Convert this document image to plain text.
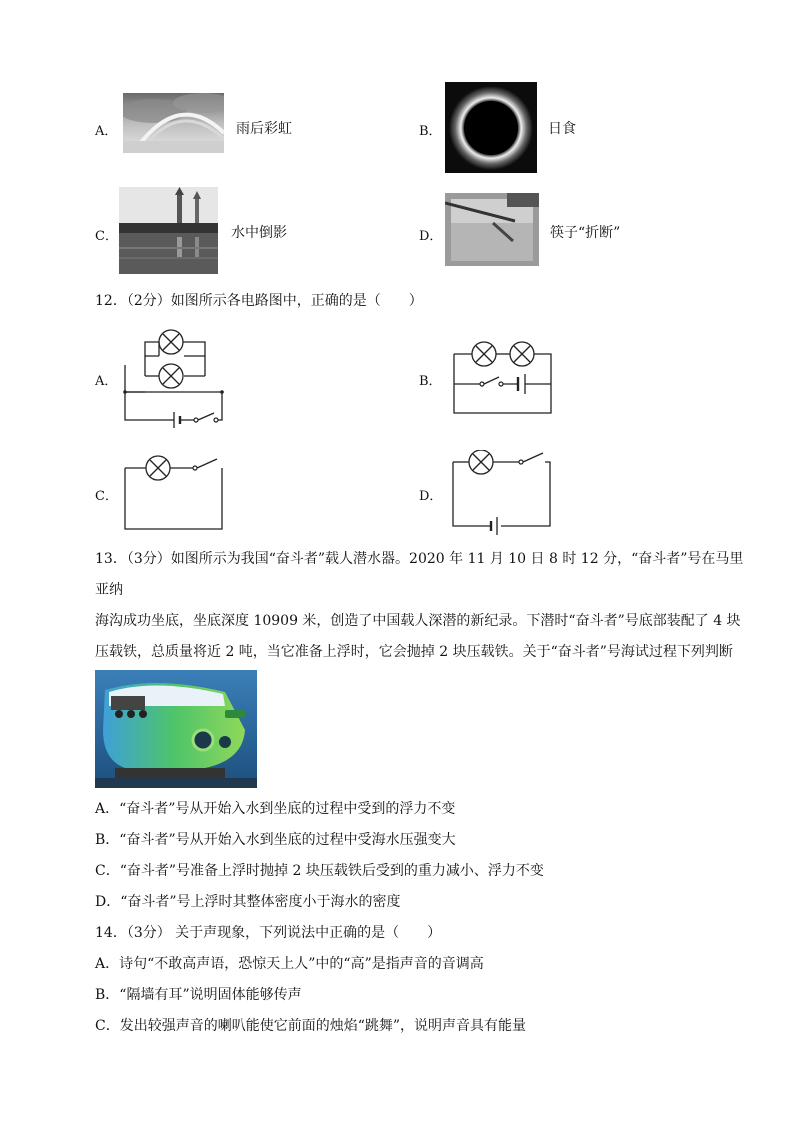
A．	雨后彩虹	B．	日食
C．	水中倒影	D．	筷子“折断”
12．（2分）如图所示各电路图中，正确的是（　　）
A．	B．
C．	D．
13．（3分）如图所示为我国“奋斗者”载人潜水器。2020 年 11 月 10 日 8 时 12 分，“奋斗者”号在马里亚纳
海沟成功坐底，坐底深度 10909 米，创造了中国载人深潜的新纪录。下潜时“奋斗者”号底部装配了 4 块
压载铁，总质量将近 2 吨，当它准备上浮时，它会抛掉 2 块压载铁。关于“奋斗者”号海试过程下列判断
A．“奋斗者”号从开始入水到坐底的过程中受到的浮力不变
B．“奋斗者”号从开始入水到坐底的过程中受海水压强变大
C．“奋斗者”号准备上浮时抛掉 2 块压载铁后受到的重力减小、浮力不变
D．“奋斗者”号上浮时其整体密度小于海水的密度
14．（3分） 关于声现象，下列说法中正确的是（　　）
A．诗句“不敢高声语，恐惊天上人”中的“高”是指声音的音调高
B．“隔墙有耳”说明固体能够传声
C．发出较强声音的喇叭能使它前面的烛焰“跳舞”，说明声音具有能量
